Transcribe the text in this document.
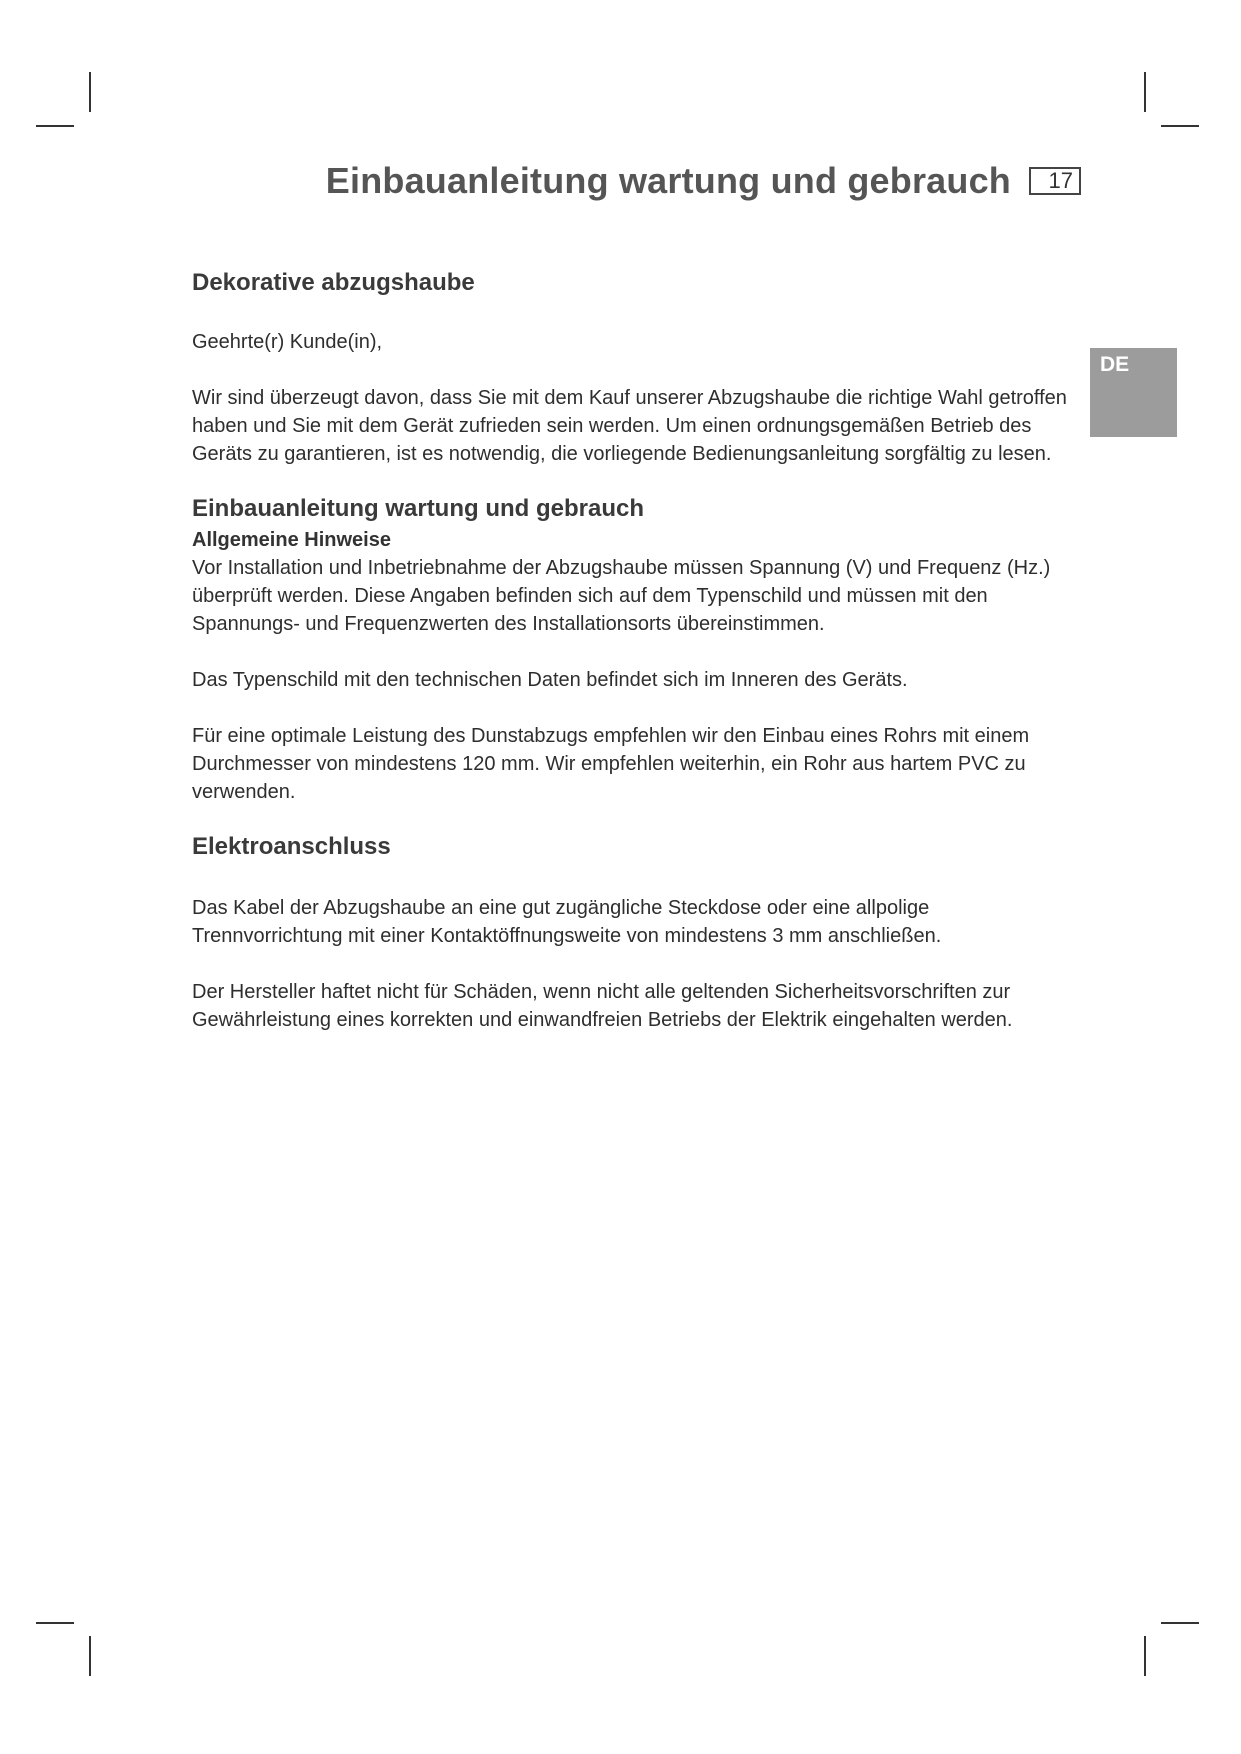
Einbauanleitung wartung und gebrauch	17
DE
Dekorative abzugshaube

Geehrte(r) Kunde(in),

Wir sind überzeugt davon, dass Sie mit dem Kauf unserer Abzugshaube die richtige Wahl getroffen haben und Sie mit dem Gerät zufrieden sein werden. Um einen ordnungsgemäßen Betrieb des Geräts zu garantieren, ist es notwendig, die vorliegende Bedienungsanleitung sorgfältig zu lesen.

Einbauanleitung wartung und gebrauch
Allgemeine Hinweise

Vor Installation und Inbetriebnahme der Abzugshaube müssen Spannung (V) und Frequenz (Hz.) überprüft werden. Diese Angaben befinden sich auf dem Typenschild und müssen mit den Spannungs- und Frequenzwerten des Installationsorts übereinstimmen.

Das Typenschild mit den technischen Daten befindet sich im Inneren des Geräts.

Für eine optimale Leistung des Dunstabzugs empfehlen wir den Einbau eines Rohrs mit einem Durchmesser von mindestens 120 mm. Wir empfehlen weiterhin, ein Rohr aus hartem PVC zu verwenden.

Elektroanschluss

Das Kabel der Abzugshaube an eine gut zugängliche Steckdose oder eine allpolige Trennvorrichtung mit einer Kontaktöffnungsweite von mindestens 3 mm anschließen.

Der Hersteller haftet nicht für Schäden, wenn nicht alle geltenden Sicherheitsvorschriften zur Gewährleistung eines korrekten und einwandfreien Betriebs der Elektrik eingehalten werden.
